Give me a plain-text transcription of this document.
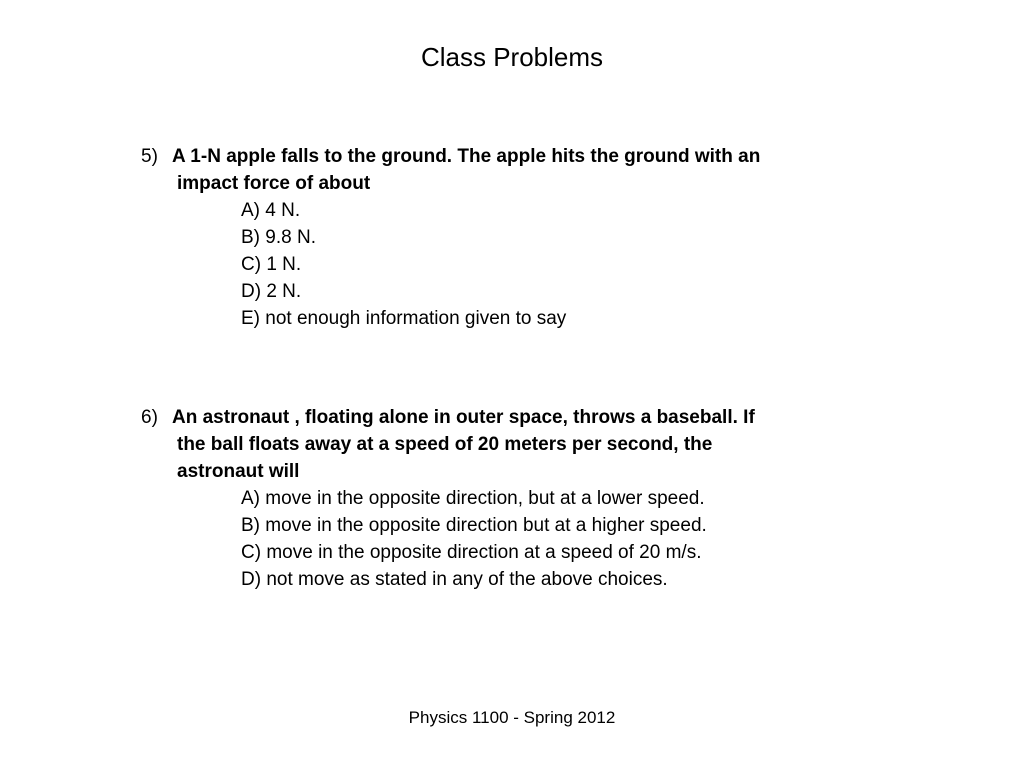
Class Problems
5) A 1-N apple falls to the ground. The apple hits the ground with an
impact force of about
A) 4 N.
B) 9.8 N.
C) 1 N.
D) 2 N.
E) not enough information given to say
6) An astronaut , floating alone in outer space, throws a baseball. If
the ball floats away at a speed of 20 meters per second, the
astronaut will
A) move in the opposite direction, but at a lower speed.
B) move in the opposite direction but at a higher speed.
C) move in the opposite direction at a speed of 20 m/s.
D) not move as stated in any of the above choices.
Physics 1100 - Spring 2012
